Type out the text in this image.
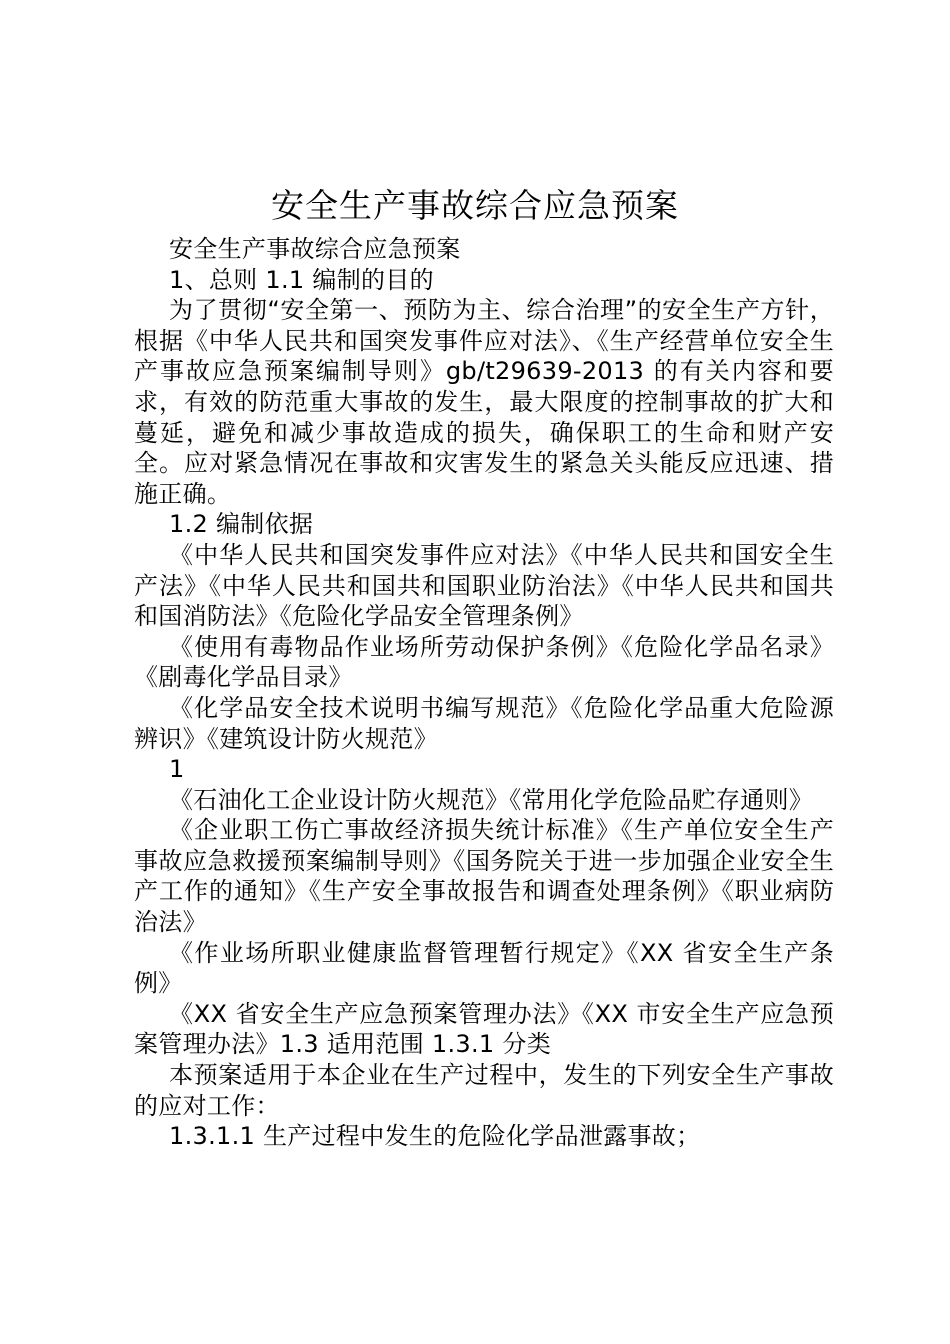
安全生产事故综合应急预案

安全生产事故综合应急预案

1、总则 1.1 编制的目的

为了贯彻“安全第一、预防为主、综合治理”的安全生产方针，根据《中华人民共和国突发事件应对法》、《生产经营单位安全生产事故应急预案编制导则》gb/t29639-2013 的有关内容和要求，有效的防范重大事故的发生，最大限度的控制事故的扩大和蔓延，避免和减少事故造成的损失，确保职工的生命和财产安全。应对紧急情况在事故和灾害发生的紧急关头能反应迅速、措施正确。

1.2 编制依据

《中华人民共和国突发事件应对法》《中华人民共和国安全生产法》《中华人民共和国共和国职业防治法》《中华人民共和国共和国消防法》《危险化学品安全管理条例》

《使用有毒物品作业场所劳动保护条例》《危险化学品名录》《剧毒化学品目录》

《化学品安全技术说明书编写规范》《危险化学品重大危险源辨识》《建筑设计防火规范》

1

《石油化工企业设计防火规范》《常用化学危险品贮存通则》

《企业职工伤亡事故经济损失统计标准》《生产单位安全生产事故应急救援预案编制导则》《国务院关于进一步加强企业安全生产工作的通知》《生产安全事故报告和调查处理条例》《职业病防治法》

《作业场所职业健康监督管理暂行规定》《XX 省安全生产条例》

《XX 省安全生产应急预案管理办法》《XX 市安全生产应急预案管理办法》1.3 适用范围 1.3.1 分类

本预案适用于本企业在生产过程中，发生的下列安全生产事故的应对工作：

1.3.1.1 生产过程中发生的危险化学品泄露事故；
